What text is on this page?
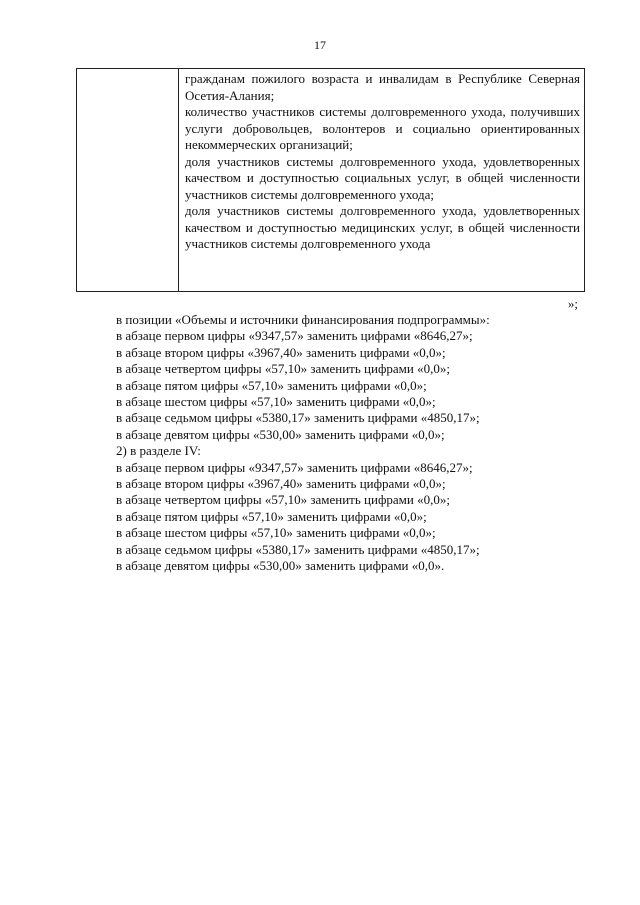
17

гражданам пожилого возраста и инвалидам в Республике Северная Осетия-Алания;
количество участников системы долговременного ухода, получивших услуги добровольцев, волонтеров и социально ориентированных некоммерческих организаций;
доля участников системы долговременного ухода, удовлетворенных качеством и доступностью социальных услуг, в общей численности участников системы долговременного ухода;
доля участников системы долговременного ухода, удовлетворенных качеством и доступностью медицинских услуг, в общей численности участников системы долговременного ухода
»;
в позиции «Объемы и источники финансирования подпрограммы»:
в абзаце первом цифры «9347,57» заменить цифрами «8646,27»;
в абзаце втором цифры «3967,40» заменить цифрами «0,0»;
в абзаце четвертом цифры «57,10» заменить цифрами «0,0»;
в абзаце пятом цифры «57,10» заменить цифрами «0,0»;
в абзаце шестом цифры «57,10» заменить цифрами «0,0»;
в абзаце седьмом цифры «5380,17» заменить цифрами «4850,17»;
в абзаце девятом цифры «530,00» заменить цифрами «0,0»;
2) в разделе IV:
в абзаце первом цифры «9347,57» заменить цифрами «8646,27»;
в абзаце втором цифры «3967,40» заменить цифрами «0,0»;
в абзаце четвертом цифры «57,10» заменить цифрами «0,0»;
в абзаце пятом цифры «57,10» заменить цифрами «0,0»;
в абзаце шестом цифры «57,10» заменить цифрами «0,0»;
в абзаце седьмом цифры «5380,17» заменить цифрами «4850,17»;
в абзаце девятом цифры «530,00» заменить цифрами «0,0».
